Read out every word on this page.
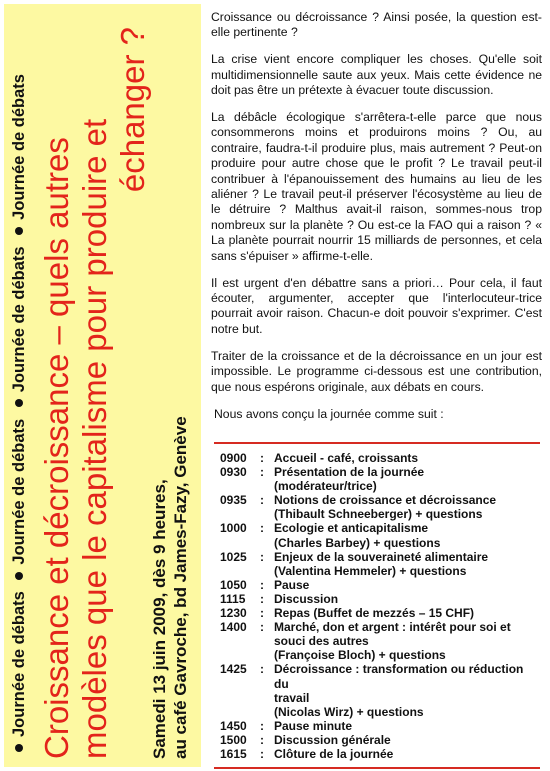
Journée de débats Journée de débats Journée de débats Journée de débats Croissance et décroissance – quels autres modèles que le capitalisme pour produire et
échanger ?
Samedi 13 juin 2009, dès 9 heures, au café Gavroche, bd James-Fazy, Genève

Croissance ou décroissance ? Ainsi posée, la question est-elle pertinente ?

La crise vient encore compliquer les choses. Qu'elle soit multidimensionnelle saute aux yeux. Mais cette évidence ne doit pas être un prétexte à évacuer toute discussion.

La débâcle écologique s'arrêtera-t-elle parce que nous consommerons moins et produirons moins ? Ou, au contraire, faudra-t-il produire plus, mais autrement ? Peut-on produire pour autre chose que le profit ? Le travail peut-il contribuer à l'épanouissement des humains au lieu de les aliéner ? Le travail peut-il préserver l'écosystème au lieu de le détruire ? Malthus avait-il raison, sommes-nous trop nombreux sur la planète ? Ou est-ce la FAO qui a raison ? « La planète pourrait nourrir 15 milliards de personnes, et cela sans s'épuiser » affirme-t-elle.

Il est urgent d'en débattre sans a priori… Pour cela, il faut écouter, argumenter, accepter que l'interlocuteur-trice pourrait avoir raison. Chacun-e doit pouvoir s'exprimer. C'est notre but.

Traiter de la croissance et de la décroissance en un jour est impossible. Le programme ci-dessous est une contribution, que nous espérons originale, aux débats en cours.

Nous avons conçu la journée comme suit :

0900	: Accueil - café, croissants
0930	: Présentation de la journée
(modérateur/trice)
0935	: Notions de croissance et décroissance
(Thibault Schneeberger) + questions
1000	: Ecologie et anticapitalisme
(Charles Barbey) + questions
1025	: Enjeux de la souveraineté alimentaire
(Valentina Hemmeler) + questions
1050	: Pause
1115	: Discussion
1230	: Repas (Buffet de mezzés – 15 CHF)
1400	: Marché, don et argent : intérêt pour soi et
souci des autres
(Françoise Bloch) + questions
1425	: Décroissance : transformation ou réduction du
travail
(Nicolas Wirz) + questions
1450	: Pause minute
1500	: Discussion générale
1615	: Clôture de la journée
